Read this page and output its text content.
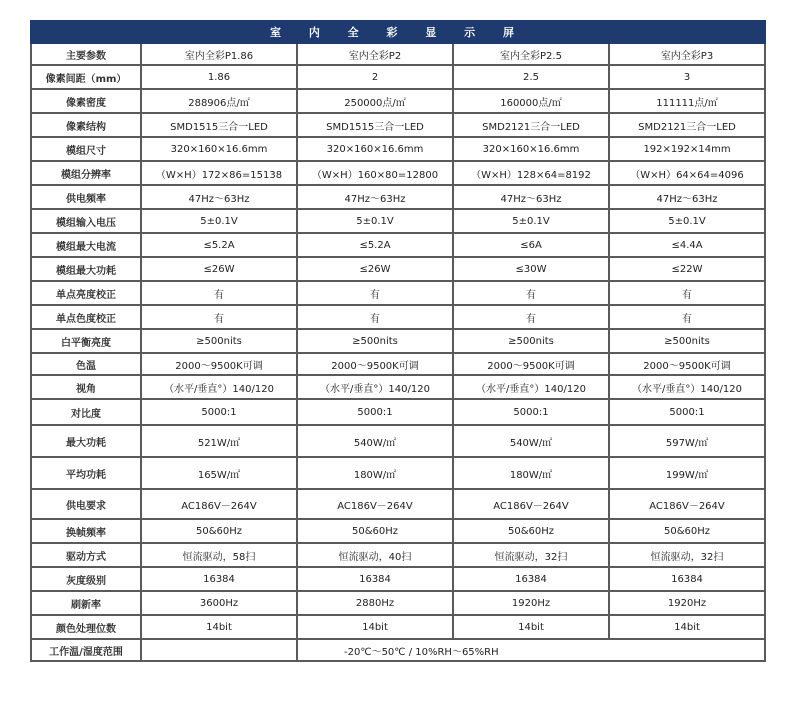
室 内 全 彩 显 示 屏				
主要参数	室内全彩P1.86	室内全彩P2	室内全彩P2.5	室内全彩P3
像素间距（mm）	1.86	2	2.5	3
像素密度	288906点/㎡	250000点/㎡	160000点/㎡	111111点/㎡
像素结构	SMD1515三合一LED	SMD1515三合一LED	SMD2121三合一LED	SMD2121三合一LED
模组尺寸	320×160×16.6mm	320×160×16.6mm	320×160×16.6mm	192×192×14mm
模组分辨率	（W×H）172×86=15138	（W×H）160×80=12800	（W×H）128×64=8192	（W×H）64×64=4096
供电频率	47Hz～63Hz	47Hz～63Hz	47Hz～63Hz	47Hz～63Hz
模组输入电压	5±0.1V	5±0.1V	5±0.1V	5±0.1V
模组最大电流	≤5.2A	≤5.2A	≤6A	≤4.4A
模组最大功耗	≤26W	≤26W	≤30W	≤22W
单点亮度校正	有	有	有	有
单点色度校正	有	有	有	有
白平衡亮度	≥500nits	≥500nits	≥500nits	≥500nits
色温	2000～9500K可调	2000～9500K可调	2000～9500K可调	2000～9500K可调
视角	（水平/垂直°）140/120	（水平/垂直°）140/120	（水平/垂直°）140/120	（水平/垂直°）140/120
对比度	5000:1	5000:1	5000:1	5000:1
最大功耗	521W/㎡	540W/㎡	540W/㎡	597W/㎡
平均功耗	165W/㎡	180W/㎡	180W/㎡	199W/㎡
供电要求	AC186V－264V	AC186V－264V	AC186V－264V	AC186V－264V
换帧频率	50&60Hz	50&60Hz	50&60Hz	50&60Hz
驱动方式	恒流驱动，58扫	恒流驱动，40扫	恒流驱动，32扫	恒流驱动，32扫
灰度级别	16384	16384	16384	16384
刷新率	3600Hz	2880Hz	1920Hz	1920Hz
颜色处理位数	14bit	14bit	14bit	14bit
工作温/湿度范围		-20℃～50℃ / 10%RH～65%RH		
